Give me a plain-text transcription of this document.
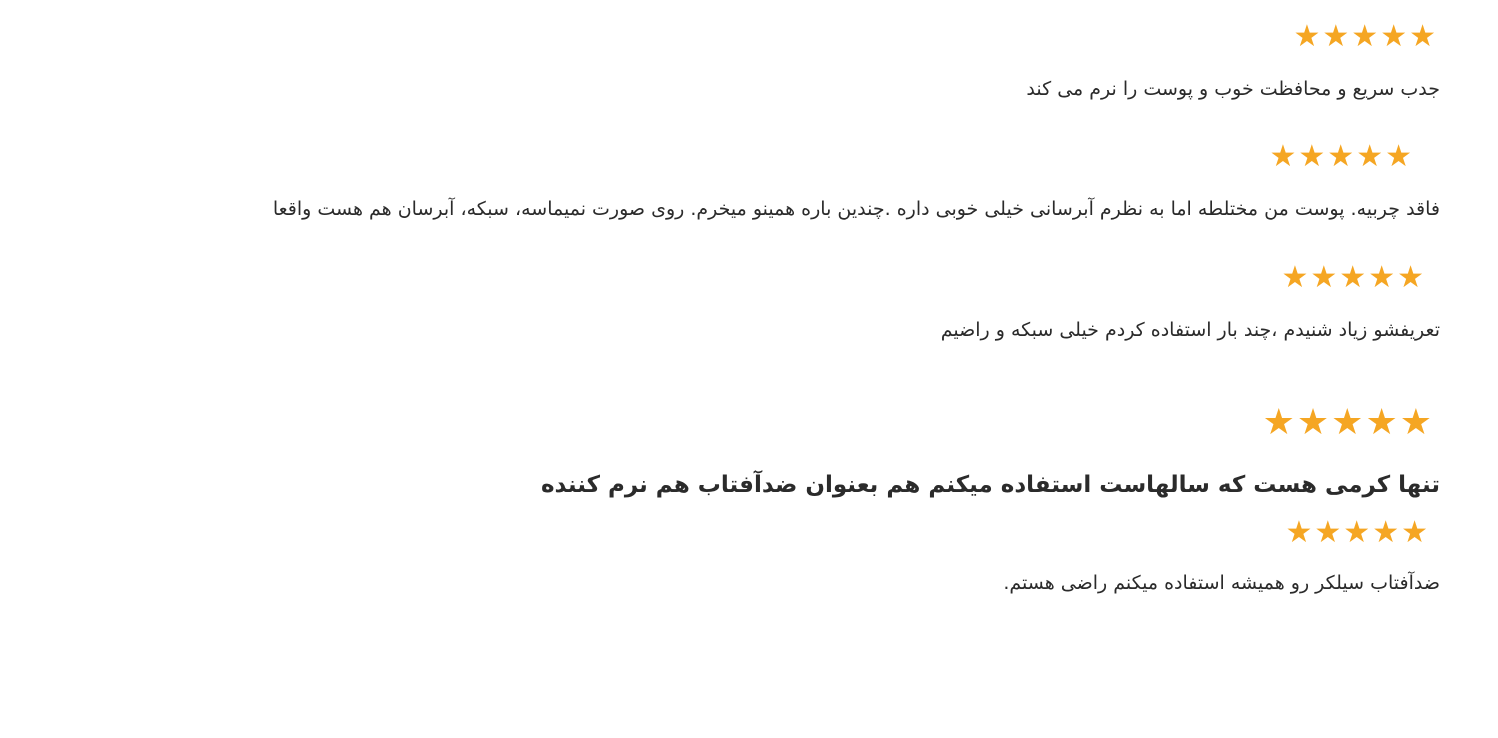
★★★★★
جدب سریع و محافظت خوب و پوست را نرم می کند
★★★★★
فاقد چربیه. پوست من مختلطه اما به نظرم آبرسانی خیلی خوبی داره .چندین باره همینو میخرم. روی صورت نمیماسه، سبکه، آبرسان هم هست واقعا
★★★★★
تعریفشو زیاد شنیدم ،چند بار استفاده کردم خیلی سبکه و راضیم
★★★★★
تنها کرمی هست که سالهاست استفاده میکنم هم بعنوان ضدآفتاب هم نرم کننده
★★★★★
ضدآفتاب سیلکر رو همیشه استفاده میکنم راضی هستم.
